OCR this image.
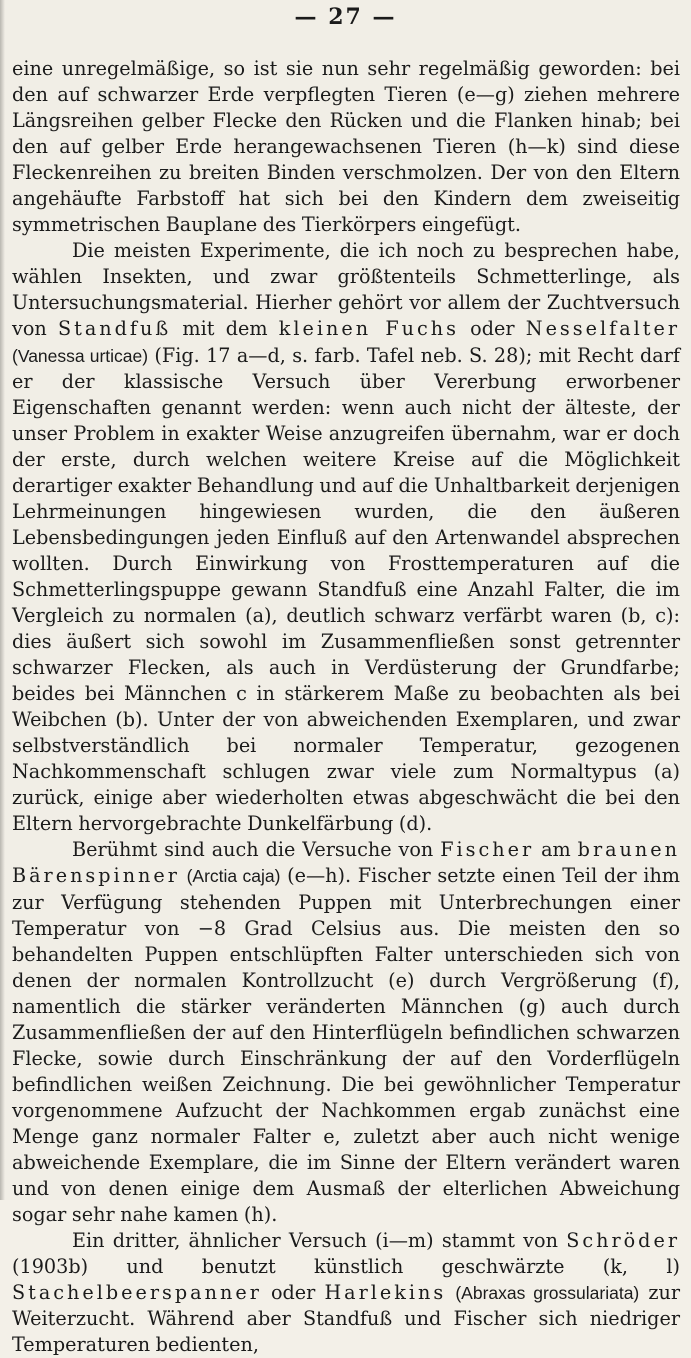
— 27 —

eine unregelmäßige, so ist sie nun sehr regelmäßig geworden: bei den auf schwarzer Erde verpflegten Tieren (e—g) ziehen mehrere Längsreihen gelber Flecke den Rücken und die Flanken hinab; bei den auf gelber Erde herangewachsenen Tieren (h—k) sind diese Fleckenreihen zu breiten Binden verschmolzen. Der von den Eltern angehäufte Farbstoff hat sich bei den Kindern dem zweiseitig symmetrischen Bauplane des Tierkörpers eingefügt.

Die meisten Experimente, die ich noch zu besprechen habe, wählen Insekten, und zwar größtenteils Schmetterlinge, als Untersuchungsmaterial. Hierher gehört vor allem der Zuchtversuch von Standfuß mit dem kleinen Fuchs oder Nesselfalter (Vanessa urticae) (Fig. 17 a—d, s. farb. Tafel neb. S. 28); mit Recht darf er der klassische Versuch über Vererbung erworbener Eigenschaften genannt werden: wenn auch nicht der älteste, der unser Problem in exakter Weise anzugreifen übernahm, war er doch der erste, durch welchen weitere Kreise auf die Möglichkeit derartiger exakter Behandlung und auf die Unhaltbarkeit derjenigen Lehrmeinungen hingewiesen wurden, die den äußeren Lebensbedingungen jeden Einfluß auf den Artenwandel absprechen wollten. Durch Einwirkung von Frosttemperaturen auf die Schmetterlingspuppe gewann Standfuß eine Anzahl Falter, die im Vergleich zu normalen (a), deutlich schwarz verfärbt waren (b, c): dies äußert sich sowohl im Zusammenfließen sonst getrennter schwarzer Flecken, als auch in Verdüsterung der Grundfarbe; beides bei Männchen c in stärkerem Maße zu beobachten als bei Weibchen (b). Unter der von abweichenden Exemplaren, und zwar selbstverständlich bei normaler Temperatur, gezogenen Nachkommenschaft schlugen zwar viele zum Normaltypus (a) zurück, einige aber wiederholten etwas abgeschwächt die bei den Eltern hervorgebrachte Dunkelfärbung (d).

Berühmt sind auch die Versuche von Fischer am braunen Bärenspinner (Arctia caja) (e—h). Fischer setzte einen Teil der ihm zur Verfügung stehenden Puppen mit Unterbrechungen einer Temperatur von −8 Grad Celsius aus. Die meisten den so behandelten Puppen entschlüpften Falter unterschieden sich von denen der normalen Kontrollzucht (e) durch Vergrößerung (f), namentlich die stärker veränderten Männchen (g) auch durch Zusammenfließen der auf den Hinterflügeln befindlichen schwarzen Flecke, sowie durch Einschränkung der auf den Vorderflügeln befindlichen weißen Zeichnung. Die bei gewöhnlicher Temperatur vorgenommene Aufzucht der Nachkommen ergab zunächst eine Menge ganz normaler Falter e, zuletzt aber auch nicht wenige abweichende Exemplare, die im Sinne der Eltern verändert waren und von denen einige dem Ausmaß der elterlichen Abweichung sogar sehr nahe kamen (h).

Ein dritter, ähnlicher Versuch (i—m) stammt von Schröder (1903b) und benutzt künstlich geschwärzte (k, l) Stachelbeerspanner oder Harlekins (Abraxas grossulariata) zur Weiterzucht. Während aber Standfuß und Fischer sich niedriger Temperaturen bedienten,
